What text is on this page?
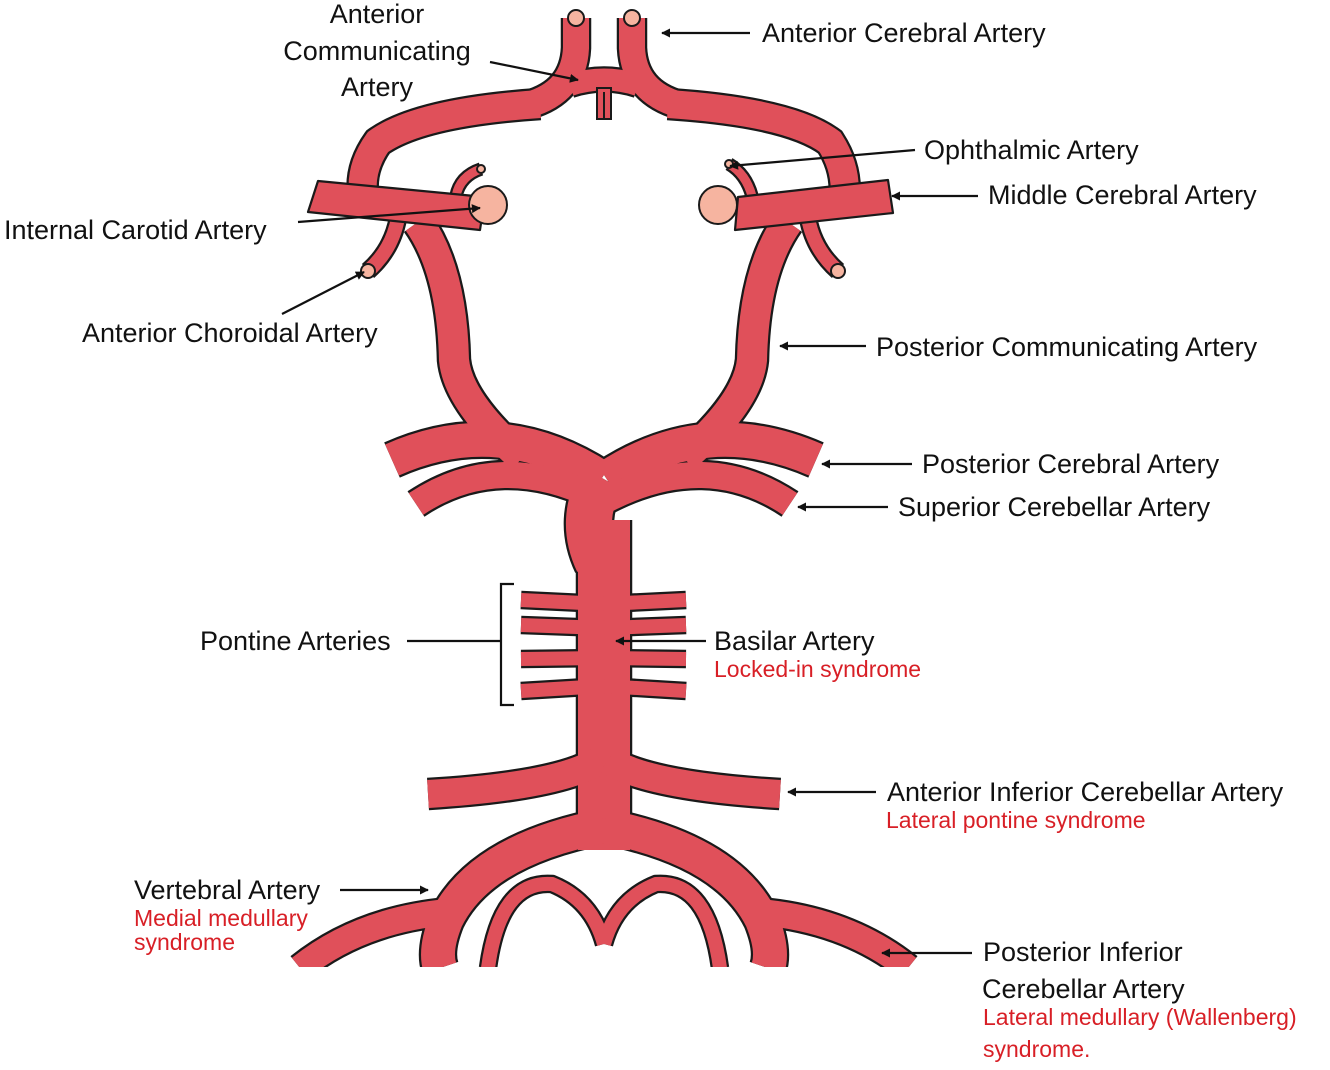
Anterior
Communicating
Artery
Anterior Cerebral Artery
Ophthalmic Artery
Middle Cerebral Artery
Internal Carotid Artery
Anterior Choroidal Artery	Posterior Communicating Artery
Posterior Cerebral Artery
Superior Cerebellar Artery
Pontine Arteries	Basilar Artery
Locked-in syndrome
Anterior Inferior Cerebellar Artery
Lateral pontine syndrome
Vertebral Artery
Medial medullary
syndrome	Posterior Inferior
Cerebellar Artery
Lateral medullary (Wallenberg)
syndrome.
